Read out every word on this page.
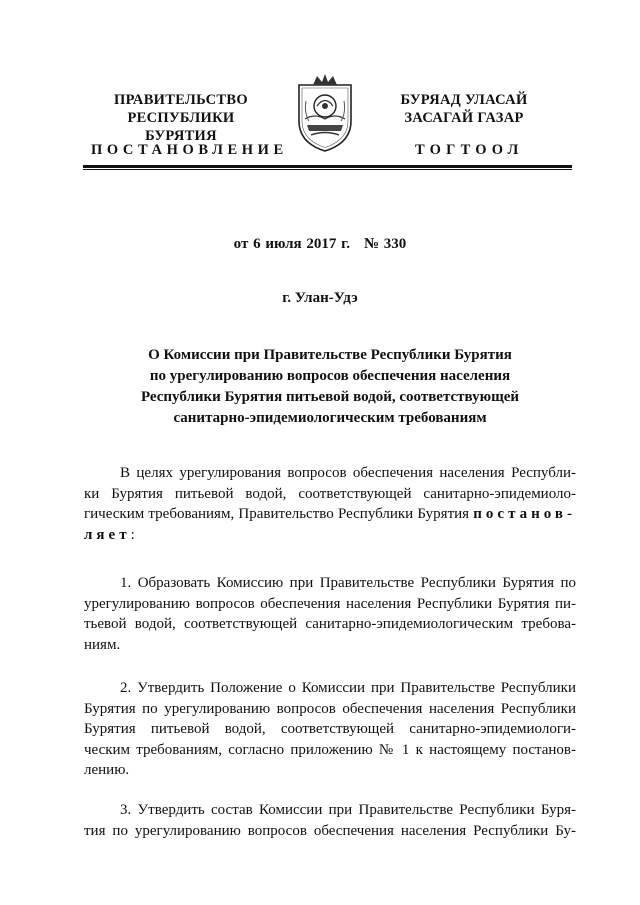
ПРАВИТЕЛЬСТВО
РЕСПУБЛИКИ БУРЯТИЯ
ПОСТАНОВЛЕНИЕ
БУРЯАД УЛАСАЙ
ЗАСАГАЙ ГАЗАР
ТОГТООЛ
от 6 июля 2017 г. № 330
г. Улан-Удэ
О Комиссии при Правительстве Республики Бурятия
по урегулированию вопросов обеспечения населения
Республики Бурятия питьевой водой, соответствующей
санитарно-эпидемиологическим требованиям
В целях урегулирования вопросов обеспечения населения Республи-
ки Бурятия питьевой водой, соответствующей санитарно-эпидемиоло-
гическим требованиям, Правительство Республики Бурятия постанов-
ляет:
1. Образовать Комиссию при Правительстве Республики Бурятия по
урегулированию вопросов обеспечения населения Республики Бурятия пи-
тьевой водой, соответствующей санитарно-эпидемиологическим требова-
ниям.
2. Утвердить Положение о Комиссии при Правительстве Республики
Бурятия по урегулированию вопросов обеспечения населения Республики
Бурятия питьевой водой, соответствующей санитарно-эпидемиологи-
ческим требованиям, согласно приложению № 1 к настоящему постанов-
лению.
3. Утвердить состав Комиссии при Правительстве Республики Буря-
тия по урегулированию вопросов обеспечения населения Республики Бу-
